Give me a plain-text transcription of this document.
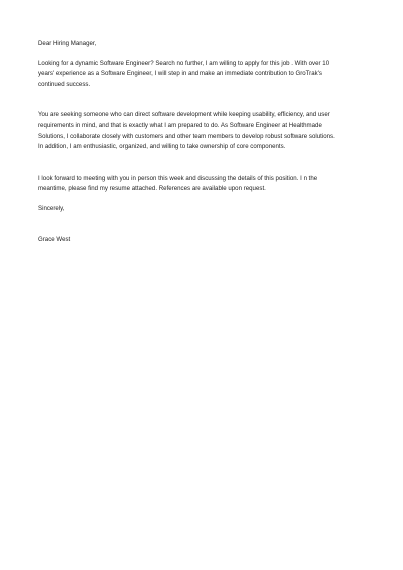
Dear Hiring Manager,
Looking for a dynamic Software Engineer? Search no further, I am willing to apply for this job . With over 10
years' experience as a Software Engineer, I will step in and make an immediate contribution to GroTrak's
continued success.
You are seeking someone who can direct software development while keeping usability, efficiency, and user
requirements in mind, and that is exactly what I am prepared to do. As Software Engineer at Healthmade
Solutions, I collaborate closely with customers and other team members to develop robust software solutions.
In addition, I am enthusiastic, organized, and willing to take ownership of core components.
I look forward to meeting with you in person this week and discussing the details of this position. I n the
meantime, please find my resume attached. References are available upon request.
Sincerely,
Grace West
